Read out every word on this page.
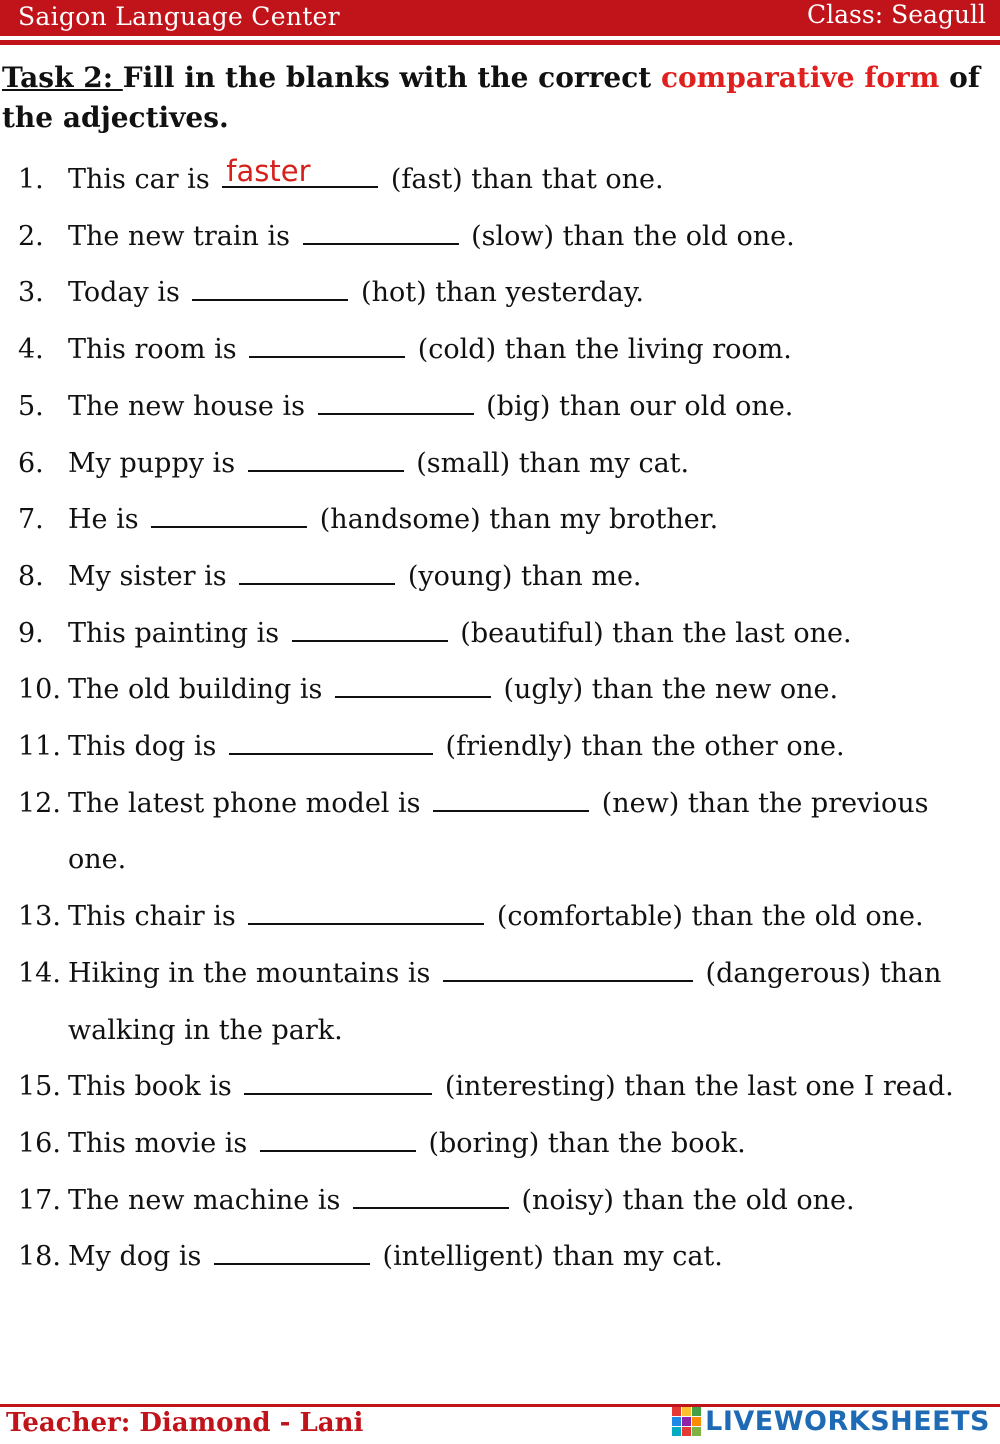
Saigon Language Center	Class: Seagull
Task 2: Fill in the blanks with the correct comparative form of the adjectives.
1. This car is faster	(fast) than that one.
2. The new train is	(slow) than the old one.
3. Today is	(hot) than yesterday.
4. This room is	(cold) than the living room.
5. The new house is	(big) than our old one.
6. My puppy is	(small) than my cat.
7. He is	(handsome) than my brother.
8. My sister is	(young) than me.
9. This painting is	(beautiful) than the last one.
10. The old building is	(ugly) than the new one.
11. This dog is	(friendly) than the other one.
12. The latest phone model is	(new) than the previous one.
13. This chair is	(comfortable) than the old one.
14. Hiking in the mountains is	(dangerous) than walking in the park.
15. This book is	(interesting) than the last one I read.
16. This movie is	(boring) than the book.
17. The new machine is	(noisy) than the old one.
18. My dog is	(intelligent) than my cat.
Teacher: Diamond - Lani	LIVEWORKSHEETS
